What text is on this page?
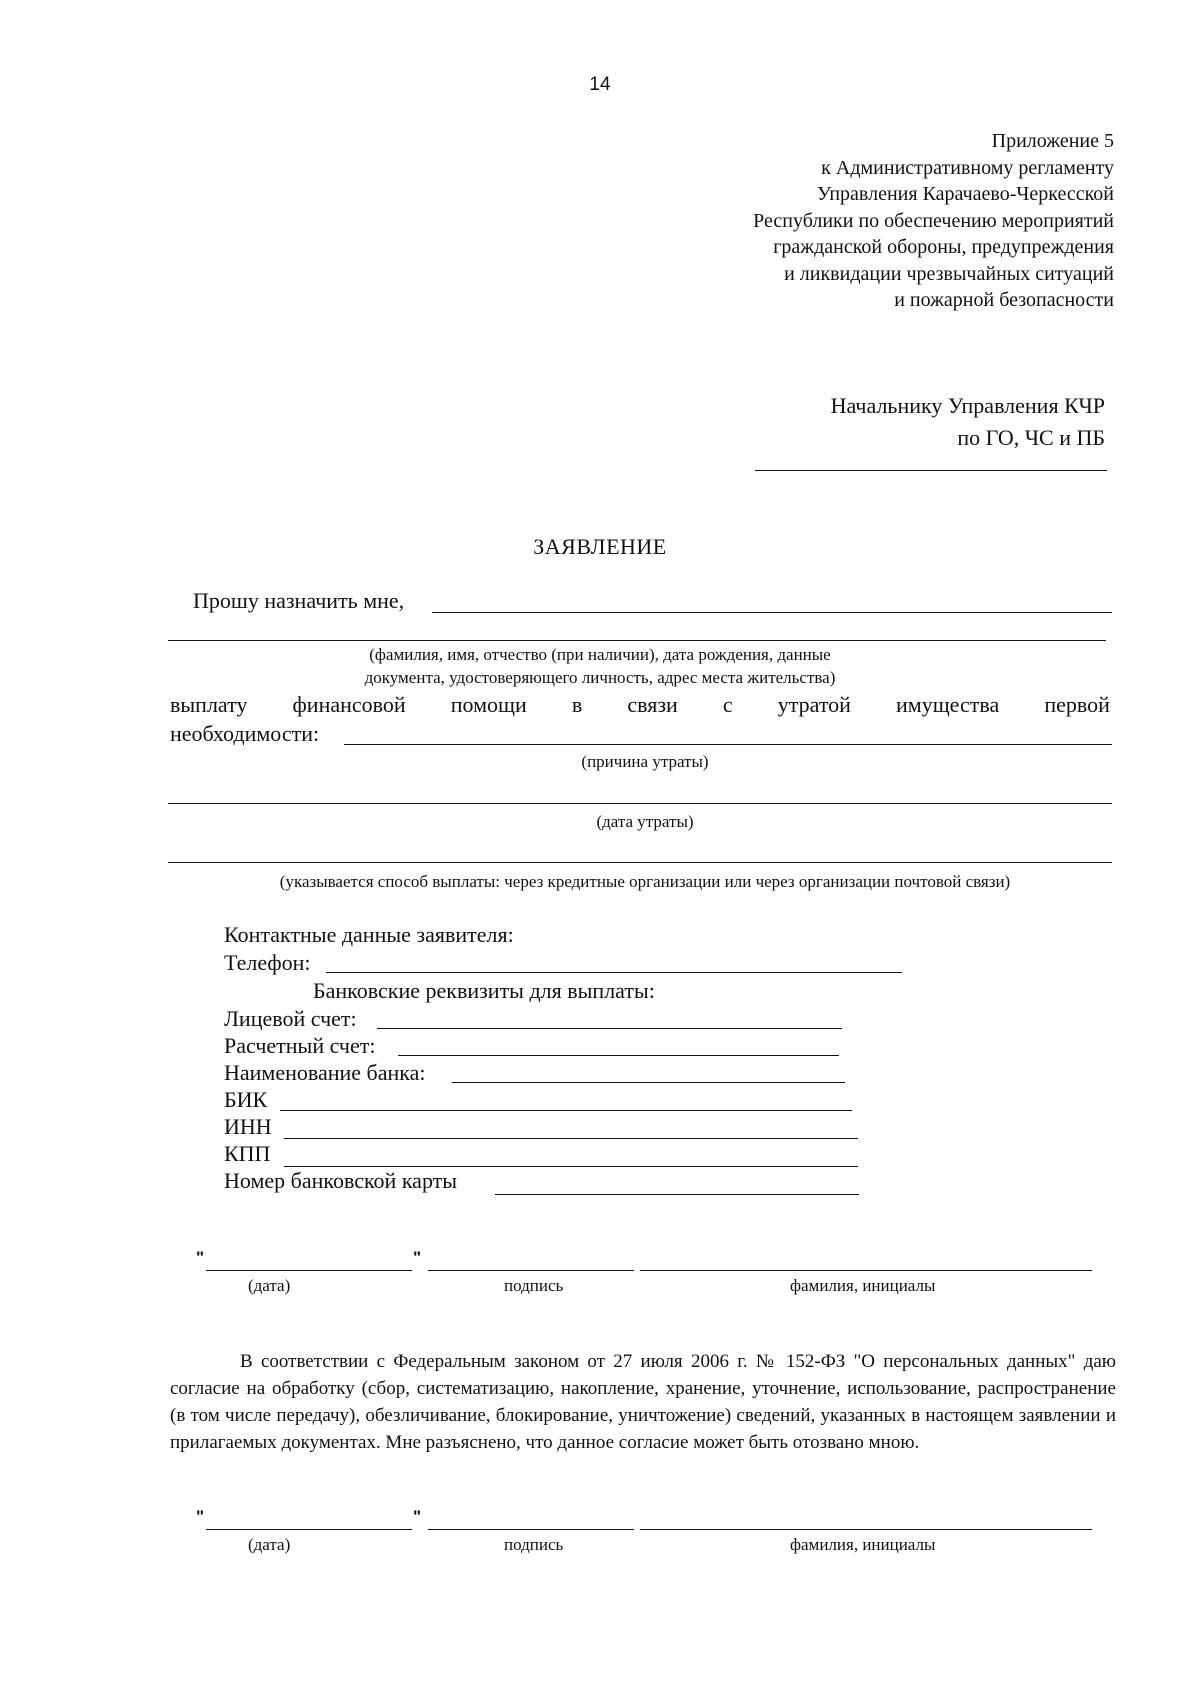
14
Приложение 5
к Административному регламенту
Управления Карачаево-Черкесской
Республики по обеспечению мероприятий
гражданской обороны, предупреждения
и ликвидации чрезвычайных ситуаций
и пожарной безопасности
Начальнику Управления КЧР
по ГО, ЧС и ПБ
ЗАЯВЛЕНИЕ
Прошу назначить мне,
(фамилия, имя, отчество (при наличии), дата рождения, данные
документа, удостоверяющего личность, адрес места жительства)
выплату финансовой помощи в связи с утратой имущества первой
необходимости:
(причина утраты)
(дата утраты)
(указывается способ выплаты: через кредитные организации или через организации почтовой связи)
Контактные данные заявителя:
Телефон:
Банковские реквизиты для выплаты:
Лицевой счет:
Расчетный счет:
Наименование банка:
БИК
ИНН
КПП
Номер банковской карты
"	"
(дата)	подпись	фамилия, инициалы

В соответствии с Федеральным законом от 27 июля 2006 г. № 152-ФЗ "О персональных данных" даю согласие на обработку (сбор, систематизацию, накопление, хранение, уточнение, использование, распространение (в том числе передачу), обезличивание, блокирование, уничтожение) сведений, указанных в настоящем заявлении и прилагаемых документах. Мне разъяснено, что данное согласие может быть отозвано мною.

"	"
(дата)	подпись	фамилия, инициалы
